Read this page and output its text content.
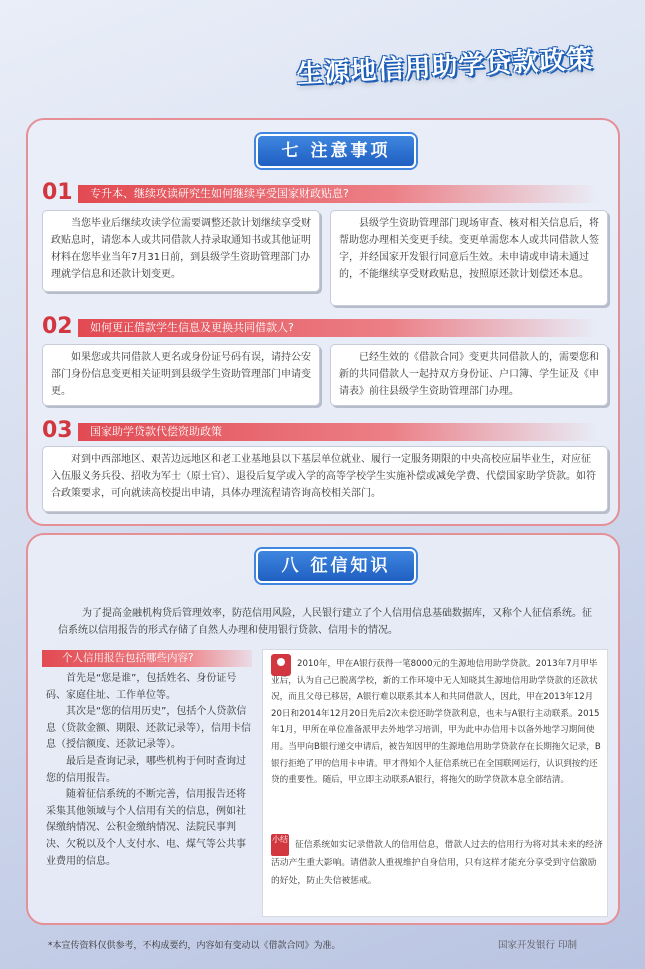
生源地信用助学贷款政策
七 注意事项
01	专升本、继续攻读研究生如何继续享受国家财政贴息?
当您毕业后继续攻读学位需要调整还款计划继续享受财政贴息时，请您本人或共同借款人持录取通知书或其他证明材料在您毕业当年7月31日前，到县级学生资助管理部门办理就学信息和还款计划变更。
县级学生资助管理部门现场审查、核对相关信息后，将帮助您办理相关变更手续。变更单需您本人或共同借款人签字，并经国家开发银行同意后生效。未申请或申请未通过的，不能继续享受财政贴息，按照原还款计划偿还本息。
02	如何更正借款学生信息及更换共同借款人?
如果您或共同借款人更名或身份证号码有误，请持公安部门身份信息变更相关证明到县级学生资助管理部门申请变更。
已经生效的《借款合同》变更共同借款人的，需要您和新的共同借款人一起持双方身份证、户口簿、学生证及《申请表》前往县级学生资助管理部门办理。
03	国家助学贷款代偿资助政策
对到中西部地区、艰苦边远地区和老工业基地县以下基层单位就业、履行一定服务期限的中央高校应届毕业生，对应征入伍服义务兵役、招收为军士（原士官）、退役后复学或入学的高等学校学生实施补偿或减免学费、代偿国家助学贷款。如符合政策要求，可向就读高校提出申请，具体办理流程请咨询高校相关部门。
八 征信知识
为了提高金融机构贷后管理效率，防范信用风险，人民银行建立了个人信用信息基础数据库，又称个人征信系统。征信系统以信用报告的形式存储了自然人办理和使用银行贷款、信用卡的情况。
个人信用报告包括哪些内容?

首先是“您是谁”，包括姓名、身份证号码、家庭住址、工作单位等。

其次是“您的信用历史”，包括个人贷款信息（贷款金额、期限、还款记录等），信用卡信息（授信额度、还款记录等）。

最后是查询记录，哪些机构于何时查询过您的信用报告。

随着征信系统的不断完善，信用报告还将采集其他领域与个人信用有关的信息，例如社保缴纳情况、公积金缴纳情况、法院民事判决、欠税以及个人支付水、电、煤气等公共事业费用的信息。

2010年，甲在A银行获得一笔8000元的生源地信用助学贷款。2013年7月甲毕业后，认为自己已脱离学校，新的工作环境中无人知晓其生源地信用助学贷款的还款状况，而且父母已移居，A银行难以联系其本人和共同借款人，因此，甲在2013年12月20日和2014年12月20日先后2次未偿还助学贷款利息，也未与A银行主动联系。2015年1月，甲所在单位准备派甲去外地学习培训，甲为此申办信用卡以备外地学习期间使用。当甲向B银行递交申请后，被告知因甲的生源地信用助学贷款存在长期拖欠记录，B银行拒绝了甲的信用卡申请。甲才得知个人征信系统已在全国联网运行，认识到按约还贷的重要性。随后，甲立即主动联系A银行，将拖欠的助学贷款本息全部结清。
小结
征信系统如实记录借款人的信用信息，借款人过去的信用行为将对其未来的经济活动产生重大影响。请借款人重视维护自身信用，只有这样才能充分享受到守信激励的好处，防止失信被惩戒。
*本宣传资料仅供参考，不构成要约，内容如有变动以《借款合同》为准。	国家开发银行 印制
